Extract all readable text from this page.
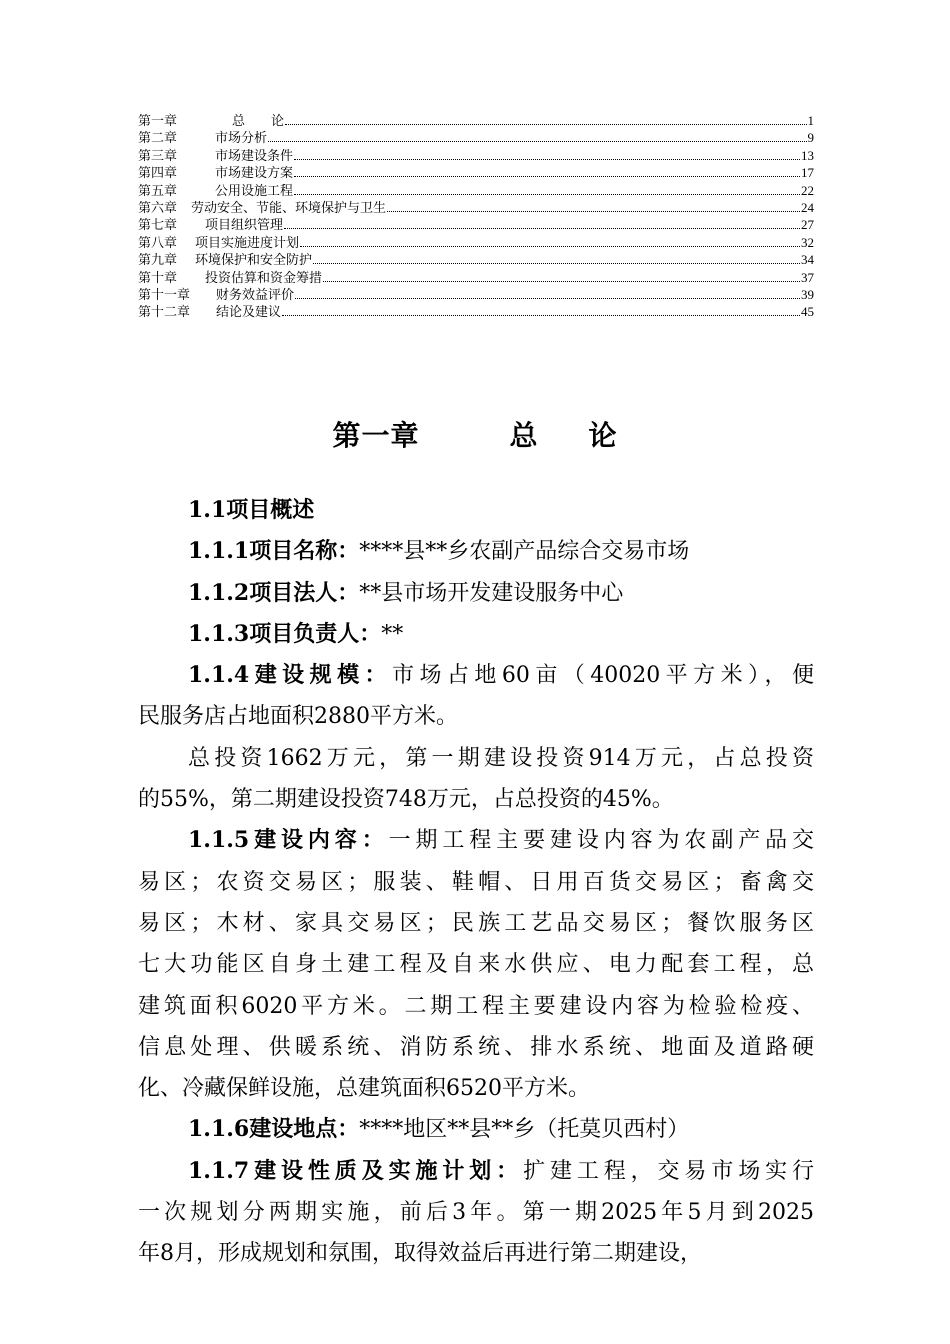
第一章	总　　论	1
第二章	市场分析	9
第三章	市场建设条件	13
第四章	市场建设方案	17
第五章	公用设施工程	22
第六章 劳动安全、节能、环境保护与卫生	24
第七章 项目组织管理	27
第八章 项目实施进度计划	32
第九章 环境保护和安全防护	34
第十章 投资估算和资金筹措	37
第十一章 财务效益评价	39
第十二章 结论及建议	45
第一章	总 论
1.1项目概述
1.1.1项目名称：****县**乡农副产品综合交易市场
1.1.2项目法人：**县市场开发建设服务中心
1.1.3项目负责人：**
1.1.4建设规模：市场占地60亩（40020平方米），便
民服务店占地面积2880平方米。
总投资1662万元，第一期建设投资914万元，占总投资
的55%，第二期建设投资748万元，占总投资的45%。
1.1.5建设内容：一期工程主要建设内容为农副产品交
易区；农资交易区；服装、鞋帽、日用百货交易区；畜禽交
易区；木材、家具交易区；民族工艺品交易区；餐饮服务区
七大功能区自身土建工程及自来水供应、电力配套工程，总
建筑面积6020平方米。二期工程主要建设内容为检验检疫、
信息处理、供暖系统、消防系统、排水系统、地面及道路硬
化、冷藏保鲜设施，总建筑面积6520平方米。
1.1.6建设地点：****地区**县**乡（托莫贝西村）
1.1.7建设性质及实施计划：扩建工程，交易市场实行
一次规划分两期实施，前后3年。第一期2025年5月到2025
年8月，形成规划和氛围，取得效益后再进行第二期建设，
